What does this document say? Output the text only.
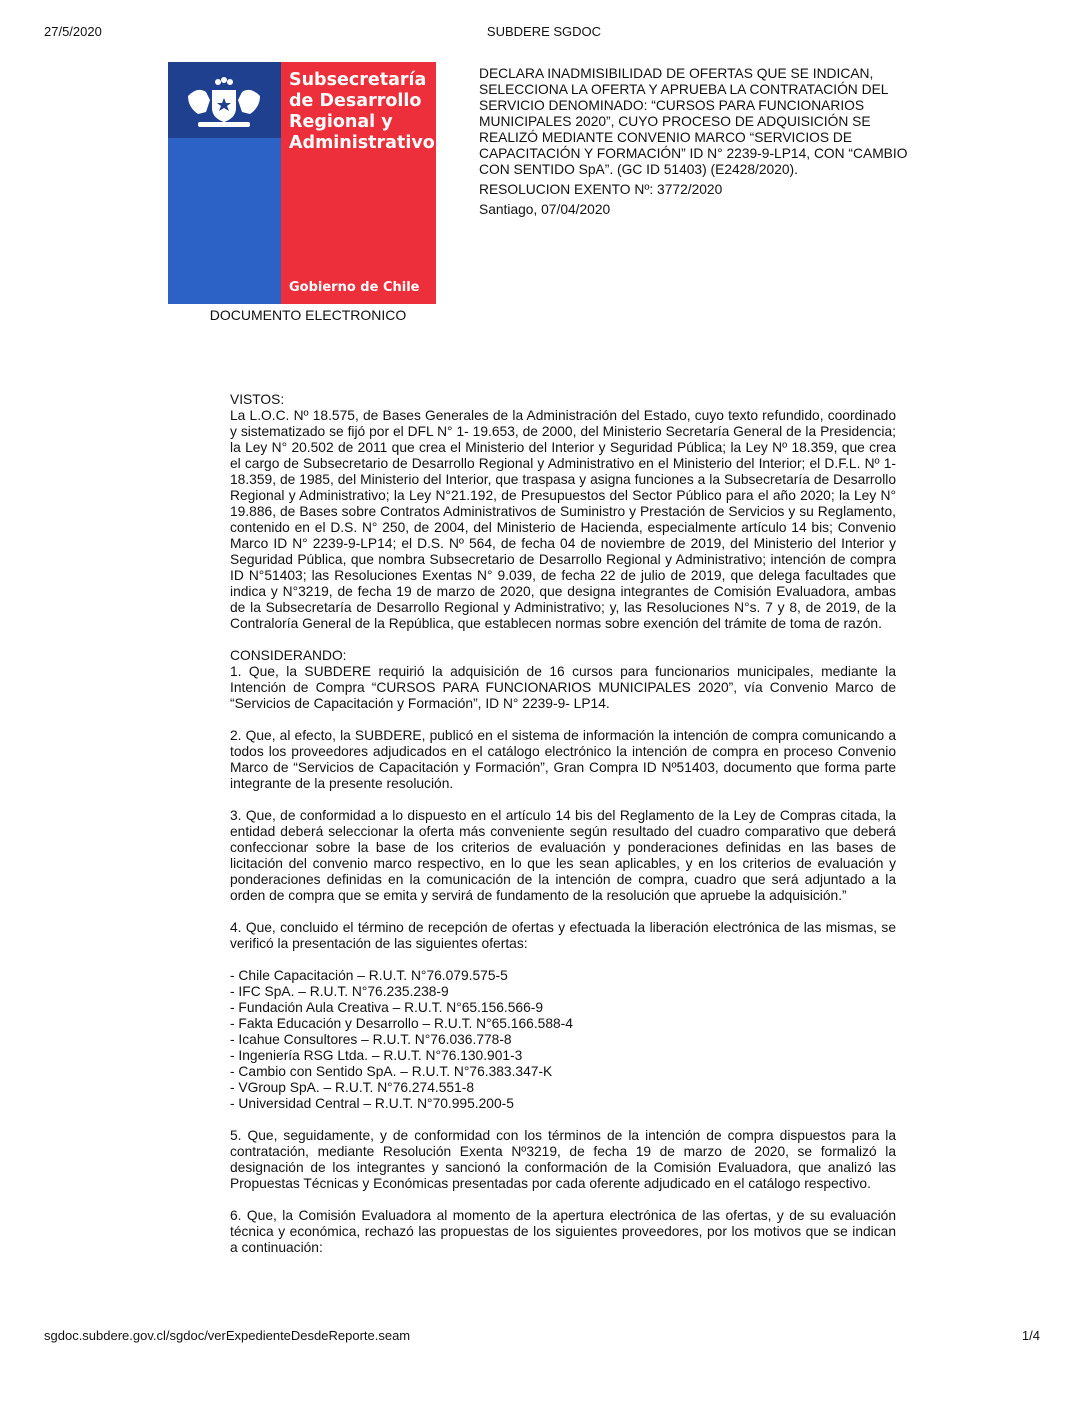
27/5/2020	SUBDERE SGDOC
Subsecretaría
de Desarrollo
Regional y
Administrativo
Gobierno de Chile
DOCUMENTO ELECTRONICO

DECLARA INADMISIBILIDAD DE OFERTAS QUE SE INDICAN, SELECCIONA LA OFERTA Y APRUEBA LA CONTRATACIÓN DEL SERVICIO DENOMINADO: “CURSOS PARA FUNCIONARIOS MUNICIPALES 2020”, CUYO PROCESO DE ADQUISICIÓN SE REALIZÓ MEDIANTE CONVENIO MARCO “SERVICIOS DE CAPACITACIÓN Y FORMACIÓN” ID N° 2239-9-LP14, CON “CAMBIO CON SENTIDO SpA”. (GC ID 51403) (E2428/2020).

RESOLUCION EXENTO Nº: 3772/2020

Santiago, 07/04/2020

VISTOS:

La L.O.C. Nº 18.575, de Bases Generales de la Administración del Estado, cuyo texto refundido, coordinado y sistematizado se fijó por el DFL N° 1- 19.653, de 2000, del Ministerio Secretaría General de la Presidencia; la Ley N° 20.502 de 2011 que crea el Ministerio del Interior y Seguridad Pública; la Ley Nº 18.359, que crea el cargo de Subsecretario de Desarrollo Regional y Administrativo en el Ministerio del Interior; el D.F.L. Nº 1-18.359, de 1985, del Ministerio del Interior, que traspasa y asigna funciones a la Subsecretaría de Desarrollo Regional y Administrativo; la Ley N°21.192, de Presupuestos del Sector Público para el año 2020; la Ley N° 19.886, de Bases sobre Contratos Administrativos de Suministro y Prestación de Servicios y su Reglamento, contenido en el D.S. N° 250, de 2004, del Ministerio de Hacienda, especialmente artículo 14 bis; Convenio Marco ID N° 2239-9-LP14; el D.S. Nº 564, de fecha 04 de noviembre de 2019, del Ministerio del Interior y Seguridad Pública, que nombra Subsecretario de Desarrollo Regional y Administrativo; intención de compra ID N°51403; las Resoluciones Exentas N° 9.039, de fecha 22 de julio de 2019, que delega facultades que indica y N°3219, de fecha 19 de marzo de 2020, que designa integrantes de Comisión Evaluadora, ambas de la Subsecretaría de Desarrollo Regional y Administrativo; y, las Resoluciones N°s. 7 y 8, de 2019, de la Contraloría General de la República, que establecen normas sobre exención del trámite de toma de razón.

CONSIDERANDO:

1. Que, la SUBDERE requirió la adquisición de 16 cursos para funcionarios municipales, mediante la Intención de Compra “CURSOS PARA FUNCIONARIOS MUNICIPALES 2020”, vía Convenio Marco de “Servicios de Capacitación y Formación”, ID N° 2239-9- LP14.

2. Que, al efecto, la SUBDERE, publicó en el sistema de información la intención de compra comunicando a todos los proveedores adjudicados en el catálogo electrónico la intención de compra en proceso Convenio Marco de “Servicios de Capacitación y Formación”, Gran Compra ID Nº51403, documento que forma parte integrante de la presente resolución.

3. Que, de conformidad a lo dispuesto en el artículo 14 bis del Reglamento de la Ley de Compras citada, la entidad deberá seleccionar la oferta más conveniente según resultado del cuadro comparativo que deberá confeccionar sobre la base de los criterios de evaluación y ponderaciones definidas en las bases de licitación del convenio marco respectivo, en lo que les sean aplicables, y en los criterios de evaluación y ponderaciones definidas en la comunicación de la intención de compra, cuadro que será adjuntado a la orden de compra que se emita y servirá de fundamento de la resolución que apruebe la adquisición.”

4. Que, concluido el término de recepción de ofertas y efectuada la liberación electrónica de las mismas, se verificó la presentación de las siguientes ofertas:

- Chile Capacitación – R.U.T. N°76.079.575-5
- IFC SpA. – R.U.T. N°76.235.238-9
- Fundación Aula Creativa – R.U.T. N°65.156.566-9
- Fakta Educación y Desarrollo – R.U.T. N°65.166.588-4
- Icahue Consultores – R.U.T. N°76.036.778-8
- Ingeniería RSG Ltda. – R.U.T. N°76.130.901-3
- Cambio con Sentido SpA. – R.U.T. N°76.383.347-K
- VGroup SpA. – R.U.T. N°76.274.551-8
- Universidad Central – R.U.T. N°70.995.200-5

5. Que, seguidamente, y de conformidad con los términos de la intención de compra dispuestos para la contratación, mediante Resolución Exenta Nº3219, de fecha 19 de marzo de 2020, se formalizó la designación de los integrantes y sancionó la conformación de la Comisión Evaluadora, que analizó las Propuestas Técnicas y Económicas presentadas por cada oferente adjudicado en el catálogo respectivo.

6. Que, la Comisión Evaluadora al momento de la apertura electrónica de las ofertas, y de su evaluación técnica y económica, rechazó las propuestas de los siguientes proveedores, por los motivos que se indican a continuación:

sgdoc.subdere.gov.cl/sgdoc/verExpedienteDesdeReporte.seam	1/4
